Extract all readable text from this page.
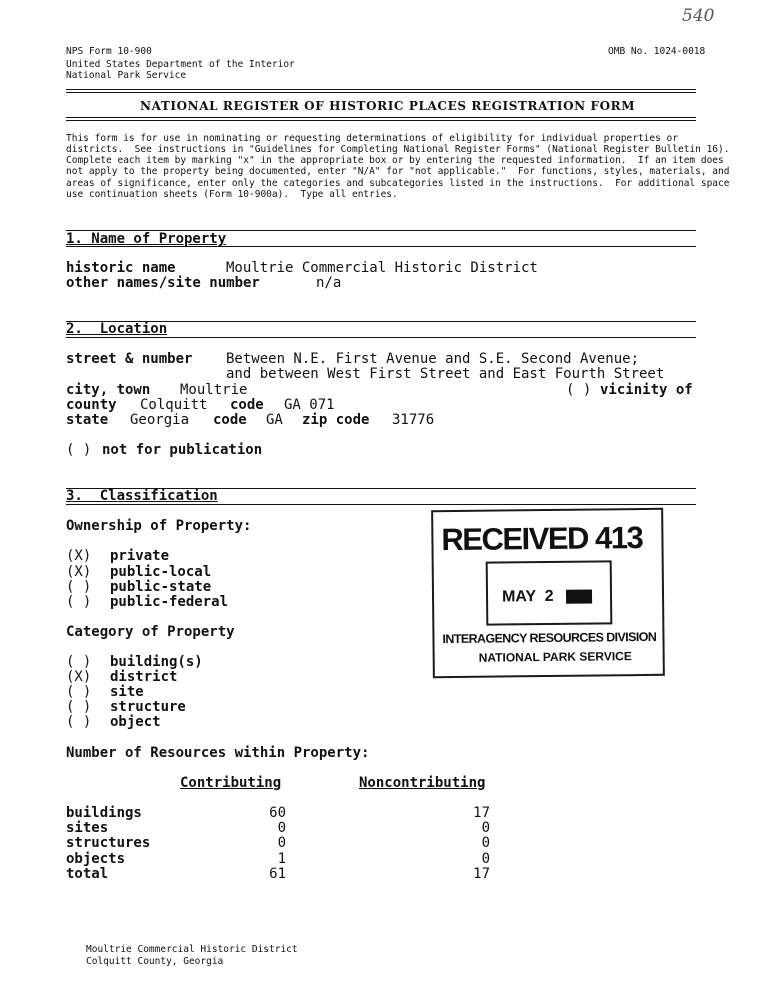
540
NPS Form 10-900	OMB No. 1024-0018
United States Department of the Interior
National Park Service
NATIONAL REGISTER OF HISTORIC PLACES REGISTRATION FORM
This form is for use in nominating or requesting determinations of eligibility for individual properties or
districts.  See instructions in "Guidelines for Completing National Register Forms" (National Register Bulletin 16).
Complete each item by marking "x" in the appropriate box or by entering the requested information.  If an item does
not apply to the property being documented, enter "N/A" for "not applicable."  For functions, styles, materials, and
areas of significance, enter only the categories and subcategories listed in the instructions.  For additional space
use continuation sheets (Form 10-900a).  Type all entries.
1. Name of Property
historic name	Moultrie Commercial Historic District
other names/site number	n/a
2.  Location
street & number Between N.E. First Avenue and S.E. Second Avenue;
and between West First Street and East Fourth Street
city, town Moultrie	( ) vicinity of
county Colquitt code GA 071
state Georgia code GA zip code 31776
( ) not for publication
3.  Classification
Ownership of Property:
(X) private
(X) public-local
( ) public-state
( ) public-federal
Category of Property
( ) building(s)
(X) district
( ) site
( ) structure
( ) object
Number of Resources within Property:
Contributing	Noncontributing
buildings	60	17
sites	0	0
structures	0	0
objects	1	0
total	61	17
RECEIVED 413
MAY  2
INTERAGENCY RESOURCES DIVISION
NATIONAL PARK SERVICE
Moultrie Commercial Historic District
Colquitt County, Georgia
